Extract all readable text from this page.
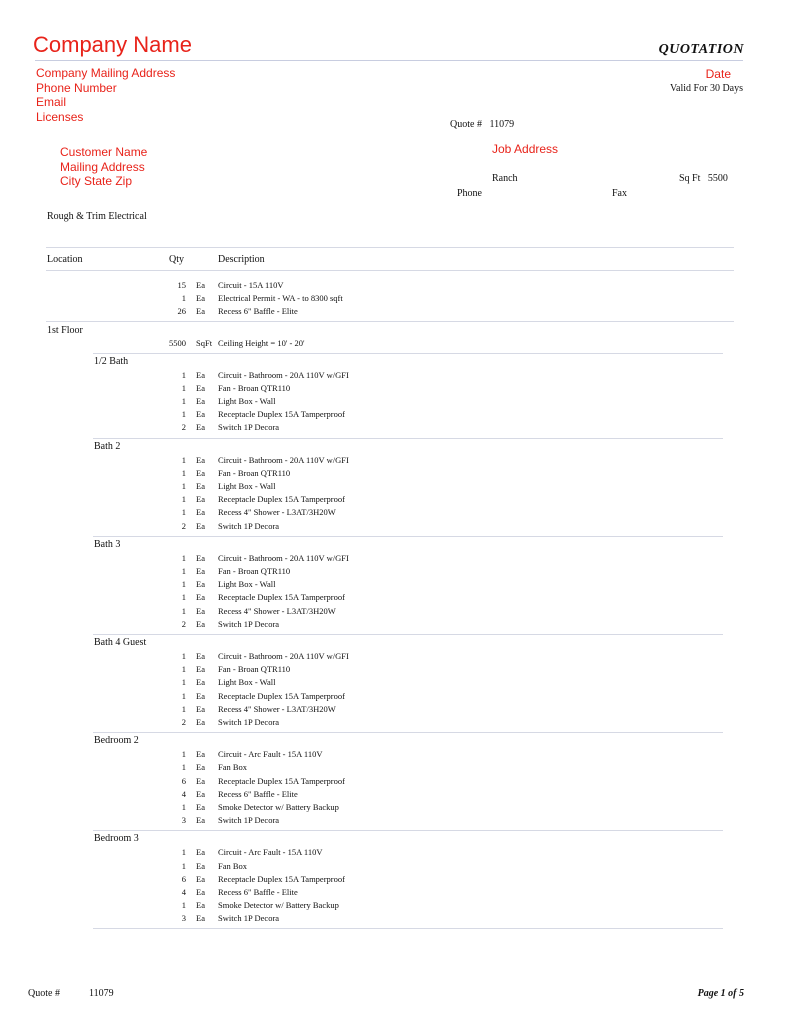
Company Name	QUOTATION
Company Mailing Address
Phone Number
Email
Licenses
Date
Valid For 30 Days
Quote # 11079
Customer Name
Mailing Address
City State Zip
Job Address
Ranch	Sq Ft 5500
Phone	Fax
Rough & Trim Electrical
Location	Qty	Description
15 Ea Circuit - 15A 110V
1 Ea Electrical Permit - WA - to 8300 sqft
26 Ea Recess 6" Baffle - Elite
1st Floor
5500 SqFt Ceiling Height = 10' - 20'
1/2 Bath
1 Ea Circuit - Bathroom - 20A 110V w/GFI
1 Ea Fan - Broan QTR110
1 Ea Light Box - Wall
1 Ea Receptacle Duplex 15A Tamperproof
2 Ea Switch 1P Decora
Bath 2
1 Ea Circuit - Bathroom - 20A 110V w/GFI
1 Ea Fan - Broan QTR110
1 Ea Light Box - Wall
1 Ea Receptacle Duplex 15A Tamperproof
1 Ea Recess 4" Shower - L3AT/3H20W
2 Ea Switch 1P Decora
Bath 3
1 Ea Circuit - Bathroom - 20A 110V w/GFI
1 Ea Fan - Broan QTR110
1 Ea Light Box - Wall
1 Ea Receptacle Duplex 15A Tamperproof
1 Ea Recess 4" Shower - L3AT/3H20W
2 Ea Switch 1P Decora
Bath 4 Guest
1 Ea Circuit - Bathroom - 20A 110V w/GFI
1 Ea Fan - Broan QTR110
1 Ea Light Box - Wall
1 Ea Receptacle Duplex 15A Tamperproof
1 Ea Recess 4" Shower - L3AT/3H20W
2 Ea Switch 1P Decora
Bedroom 2
1 Ea Circuit - Arc Fault - 15A 110V
1 Ea Fan Box
6 Ea Receptacle Duplex 15A Tamperproof
4 Ea Recess 6" Baffle - Elite
1 Ea Smoke Detector w/ Battery Backup
3 Ea Switch 1P Decora
Bedroom 3
1 Ea Circuit - Arc Fault - 15A 110V
1 Ea Fan Box
6 Ea Receptacle Duplex 15A Tamperproof
4 Ea Recess 6" Baffle - Elite
1 Ea Smoke Detector w/ Battery Backup
3 Ea Switch 1P Decora
Quote #	11079	Page 1 of 5
